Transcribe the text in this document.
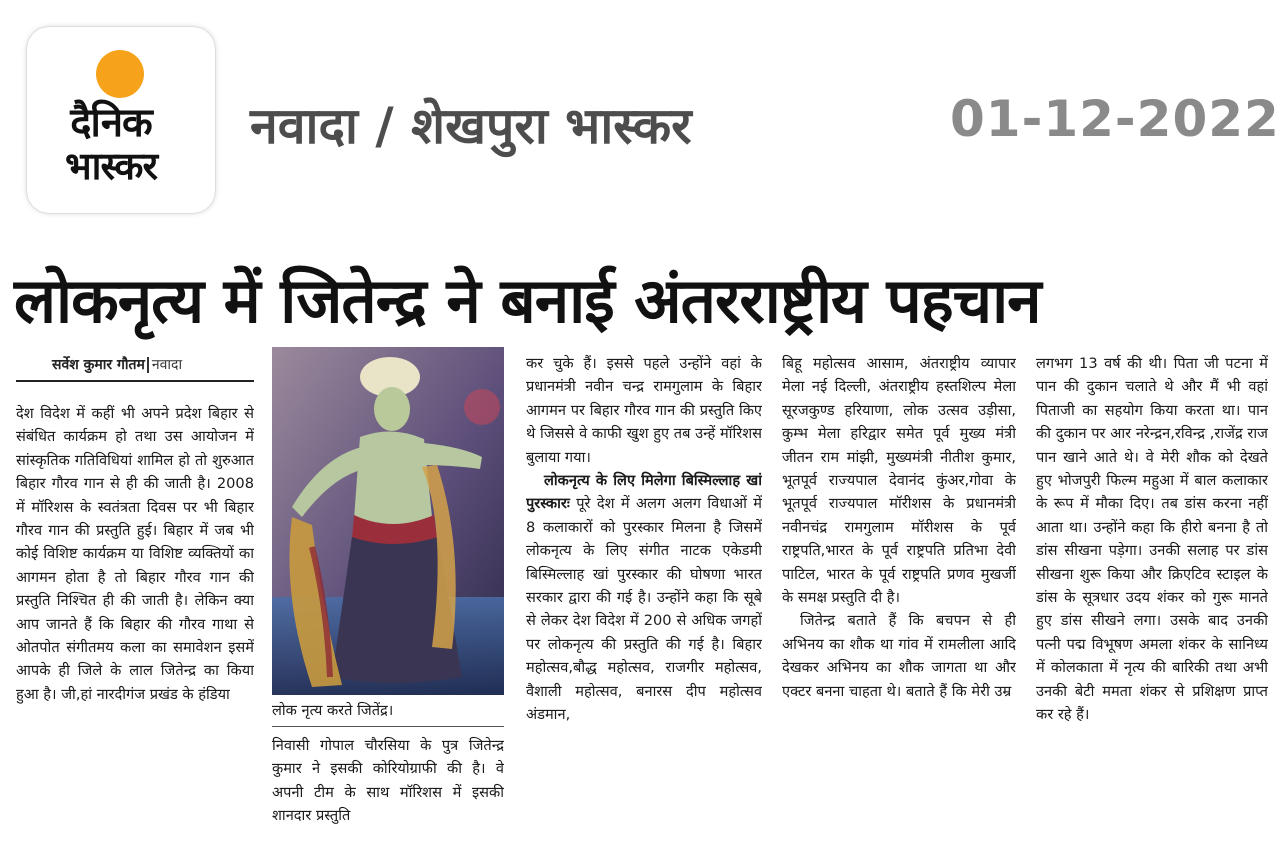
दैनिक
भास्कर
नवादा / शेखपुरा भास्कर	01-12-2022
लोकनृत्य में जितेन्द्र ने बनाई अंतरराष्ट्रीय पहचान
सर्वेश कुमार गौतम नवादा

देश विदेश में कहीं भी अपने प्रदेश बिहार से संबंधित कार्यक्रम हो तथा उस आयोजन में सांस्कृतिक गतिविधियां शामिल हो तो शुरुआत बिहार गौरव गान से ही की जाती है। 2008 में मॉरिशस के स्वतंत्रता दिवस पर भी बिहार गौरव गान की प्रस्तुति हुई। बिहार में जब भी कोई विशिष्ट कार्यक्रम या विशिष्ट व्यक्तियों का आगमन होता है तो बिहार गौरव गान की प्रस्तुति निश्चित ही की जाती है। लेकिन क्या आप जानते हैं कि बिहार की गौरव गाथा से ओतपोत संगीतमय कला का समावेशन इसमें आपके ही जिले के लाल जितेन्द्र का किया हुआ है। जी,हां नारदीगंज प्रखंड के हंडिया

लोक नृत्य करते जितेंद्र।

निवासी गोपाल चौरसिया के पुत्र जितेन्द्र कुमार ने इसकी कोरियोग्राफी की है। वे अपनी टीम के साथ मॉरिशस में इसकी शानदार प्रस्तुति

कर चुके हैं। इससे पहले उन्होंने वहां के प्रधानमंत्री नवीन चन्द्र रामगुलाम के बिहार आगमन पर बिहार गौरव गान की प्रस्तुति किए थे जिससे वे काफी खुश हुए तब उन्हें मॉरिशस बुलाया गया।

लोकनृत्य के लिए मिलेगा बिस्मिल्लाह खां पुरस्कारः पूरे देश में अलग अलग विधाओं में 8 कलाकारों को पुरस्कार मिलना है जिसमें लोकनृत्य के लिए संगीत नाटक एकेडमी बिस्मिल्लाह खां पुरस्कार की घोषणा भारत सरकार द्वारा की गई है। उन्होंने कहा कि सूबे से लेकर देश विदेश में 200 से अधिक जगहों पर लोकनृत्य की प्रस्तुति की गई है। बिहार महोत्सव,बौद्ध महोत्सव, राजगीर महोत्सव, वैशाली महोत्सव, बनारस दीप महोत्सव अंडमान,

बिहू महोत्सव आसाम, अंतराष्ट्रीय व्यापार मेला नई दिल्ली, अंतराष्ट्रीय हस्तशिल्प मेला सूरजकुण्ड हरियाणा, लोक उत्सव उड़ीसा, कुम्भ मेला हरिद्वार समेत पूर्व मुख्य मंत्री जीतन राम मांझी, मुख्यमंत्री नीतीश कुमार, भूतपूर्व राज्यपाल देवानंद कुंअर,गोवा के भूतपूर्व राज्यपाल मॉरीशस के प्रधानमंत्री नवीनचंद्र रामगुलाम मॉरीशस के पूर्व राष्ट्रपति,भारत के पूर्व राष्ट्रपति प्रतिभा देवी पाटिल, भारत के पूर्व राष्ट्रपति प्रणव मुखर्जी के समक्ष प्रस्तुति दी है।

जितेन्द्र बताते हैं कि बचपन से ही अभिनय का शौक था गांव में रामलीला आदि देखकर अभिनय का शौक जागता था और एक्टर बनना चाहता थे। बताते हैं कि मेरी उम्र

लगभग 13 वर्ष की थी। पिता जी पटना में पान की दुकान चलाते थे और मैं भी वहां पिताजी का सहयोग किया करता था। पान की दुकान पर आर नरेन्द्रन,रविन्द्र ,राजेंद्र राज पान खाने आते थे। वे मेरी शौक को देखते हुए भोजपुरी फिल्म महुआ में बाल कलाकार के रूप में मौका दिए। तब डांस करना नहीं आता था। उन्होंने कहा कि हीरो बनना है तो डांस सीखना पड़ेगा। उनकी सलाह पर डांस सीखना शुरू किया और क्रिएटिव स्टाइल के डांस के सूत्रधार उदय शंकर को गुरू मानते हुए डांस सीखने लगा। उसके बाद उनकी पत्नी पद्म विभूषण अमला शंकर के सानिध्य में कोलकाता में नृत्य की बारिकी तथा अभी उनकी बेटी ममता शंकर से प्रशिक्षण प्राप्त कर रहे हैं।
